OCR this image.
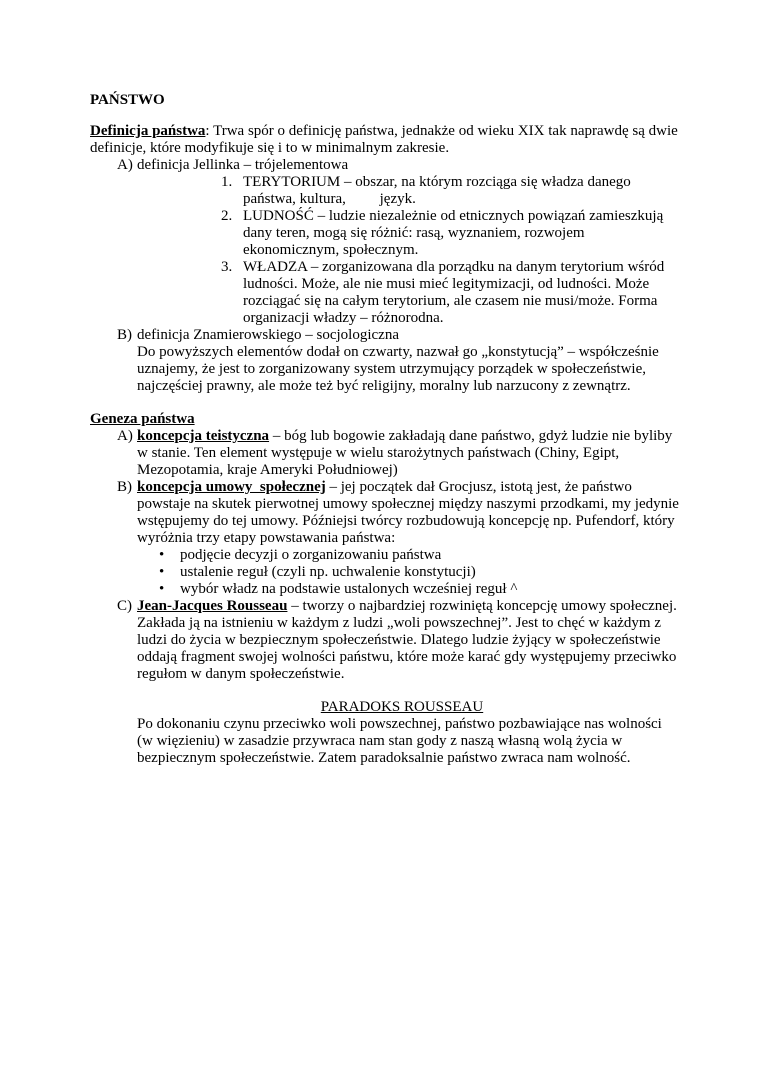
PAŃSTWO

Definicja państwa: Trwa spór o definicję państwa, jednakże od wieku XIX tak naprawdę są dwie definicje, które modyfikuje się i to w minimalnym zakresie.

A) definicja Jellinka – trójelementowa
1. TERYTORIUM – obszar, na którym rozciąga się władza danego państwa, kultura,         język.
2. LUDNOŚĆ – ludzie niezależnie od etnicznych powiązań zamieszkują dany teren, mogą się różnić: rasą, wyznaniem, rozwojem ekonomicznym, społecznym.
3. WŁADZA – zorganizowana dla porządku na danym terytorium wśród ludności. Może, ale nie musi mieć legitymizacji, od ludności. Może rozciągać się na całym terytorium, ale czasem nie musi/może. Forma organizacji władzy – różnorodna.
B) definicja Znamierowskiego – socjologiczna

Do powyższych elementów dodał on czwarty, nazwał go „konstytucją” – współcześnie uznajemy, że jest to zorganizowany system utrzymujący porządek w społeczeństwie, najczęściej prawny, ale może też być religijny, moralny lub narzucony z zewnątrz.

Geneza państwa

A) koncepcja teistyczna – bóg lub bogowie zakładają dane państwo, gdyż ludzie nie byliby w stanie. Ten element występuje w wielu starożytnych państwach (Chiny, Egipt, Mezopotamia, kraje Ameryki Południowej)
B) koncepcja umowy  społecznej – jej początek dał Grocjusz, istotą jest, że państwo powstaje na skutek pierwotnej umowy społecznej między naszymi przodkami, my jedynie wstępujemy do tej umowy. Późniejsi twórcy rozbudowują koncepcję np. Pufendorf, który wyróżnia trzy etapy powstawania państwa:
• podjęcie decyzji o zorganizowaniu państwa
• ustalenie reguł (czyli np. uchwalenie konstytucji)
• wybór władz na podstawie ustalonych wcześniej reguł ^
C) Jean-Jacques Rousseau – tworzy o najbardziej rozwiniętą koncepcję umowy społecznej. Zakłada ją na istnieniu w każdym z ludzi „woli powszechnej”. Jest to chęć w każdym z ludzi do życia w bezpiecznym społeczeństwie. Dlatego ludzie żyjący w społeczeństwie oddają fragment swojej wolności państwu, które może karać gdy występujemy przeciwko regułom w danym społeczeństwie.

PARADOKS ROUSSEAU

Po dokonaniu czynu przeciwko woli powszechnej, państwo pozbawiające nas wolności (w więzieniu) w zasadzie przywraca nam stan gody z naszą własną wolą życia w bezpiecznym społeczeństwie. Zatem paradoksalnie państwo zwraca nam wolność.
